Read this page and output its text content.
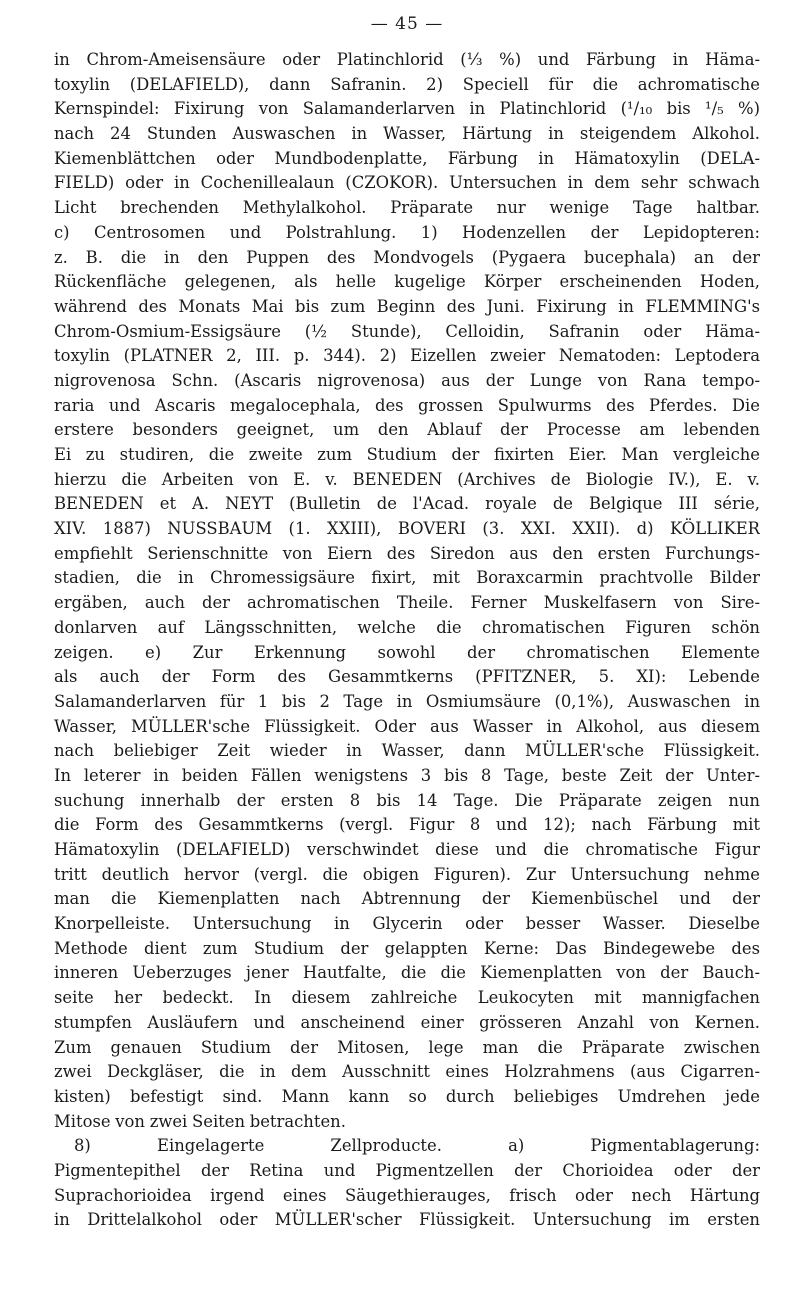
— 45 —
in Chrom-Ameisensäure oder Platinchlorid (⅓ %) und Färbung in Häma-
toxylin (DELAFIELD), dann Safranin. 2) Speciell für die achromatische
Kernspindel: Fixirung von Salamanderlarven in Platinchlorid (¹/₁₀ bis ¹/₅ %)
nach 24 Stunden Auswaschen in Wasser, Härtung in steigendem Alkohol.
Kiemenblättchen oder Mundbodenplatte, Färbung in Hämatoxylin (DELA-
FIELD) oder in Cochenillealaun (CZOKOR). Untersuchen in dem sehr schwach
Licht brechenden Methylalkohol. Präparate nur wenige Tage haltbar.
c) Centrosomen und Polstrahlung. 1) Hodenzellen der Lepidopteren:
z. B. die in den Puppen des Mondvogels (Pygaera bucephala) an der
Rückenfläche gelegenen, als helle kugelige Körper erscheinenden Hoden,
während des Monats Mai bis zum Beginn des Juni. Fixirung in FLEMMING's
Chrom-Osmium-Essigsäure (½ Stunde), Celloidin, Safranin oder Häma-
toxylin (PLATNER 2, III. p. 344). 2) Eizellen zweier Nematoden: Leptodera
nigrovenosa Schn. (Ascaris nigrovenosa) aus der Lunge von Rana tempo-
raria und Ascaris megalocephala, des grossen Spulwurms des Pferdes. Die
erstere besonders geeignet, um den Ablauf der Processe am lebenden
Ei zu studiren, die zweite zum Studium der fixirten Eier. Man vergleiche
hierzu die Arbeiten von E. v. BENEDEN (Archives de Biologie IV.), E. v.
BENEDEN et A. NEYT (Bulletin de l'Acad. royale de Belgique III série,
XIV. 1887) NUSSBAUM (1. XXIII), BOVERI (3. XXI. XXII). d) KÖLLIKER
empfiehlt Serienschnitte von Eiern des Siredon aus den ersten Furchungs-
stadien, die in Chromessigsäure fixirt, mit Boraxcarmin prachtvolle Bilder
ergäben, auch der achromatischen Theile. Ferner Muskelfasern von Sire-
donlarven auf Längsschnitten, welche die chromatischen Figuren schön
zeigen. e) Zur Erkennung sowohl der chromatischen Elemente
als auch der Form des Gesammtkerns (PFITZNER, 5. XI): Lebende
Salamanderlarven für 1 bis 2 Tage in Osmiumsäure (0,1%), Auswaschen in
Wasser, MÜLLER'sche Flüssigkeit. Oder aus Wasser in Alkohol, aus diesem
nach beliebiger Zeit wieder in Wasser, dann MÜLLER'sche Flüssigkeit.
In leterer in beiden Fällen wenigstens 3 bis 8 Tage, beste Zeit der Unter-
suchung innerhalb der ersten 8 bis 14 Tage. Die Präparate zeigen nun
die Form des Gesammtkerns (vergl. Figur 8 und 12); nach Färbung mit
Hämatoxylin (DELAFIELD) verschwindet diese und die chromatische Figur
tritt deutlich hervor (vergl. die obigen Figuren). Zur Untersuchung nehme
man die Kiemenplatten nach Abtrennung der Kiemenbüschel und der
Knorpelleiste. Untersuchung in Glycerin oder besser Wasser. Dieselbe
Methode dient zum Studium der gelappten Kerne: Das Bindegewebe des
inneren Ueberzuges jener Hautfalte, die die Kiemenplatten von der Bauch-
seite her bedeckt. In diesem zahlreiche Leukocyten mit mannigfachen
stumpfen Ausläufern und anscheinend einer grösseren Anzahl von Kernen.
Zum genauen Studium der Mitosen, lege man die Präparate zwischen
zwei Deckgläser, die in dem Ausschnitt eines Holzrahmens (aus Cigarren-
kisten) befestigt sind. Mann kann so durch beliebiges Umdrehen jede
Mitose von zwei Seiten betrachten.
8) Eingelagerte Zellproducte. a) Pigmentablagerung:
Pigmentepithel der Retina und Pigmentzellen der Chorioidea oder der
Suprachorioidea irgend eines Säugethierauges, frisch oder nech Härtung
in Drittelalkohol oder MÜLLER'scher Flüssigkeit. Untersuchung im ersten
